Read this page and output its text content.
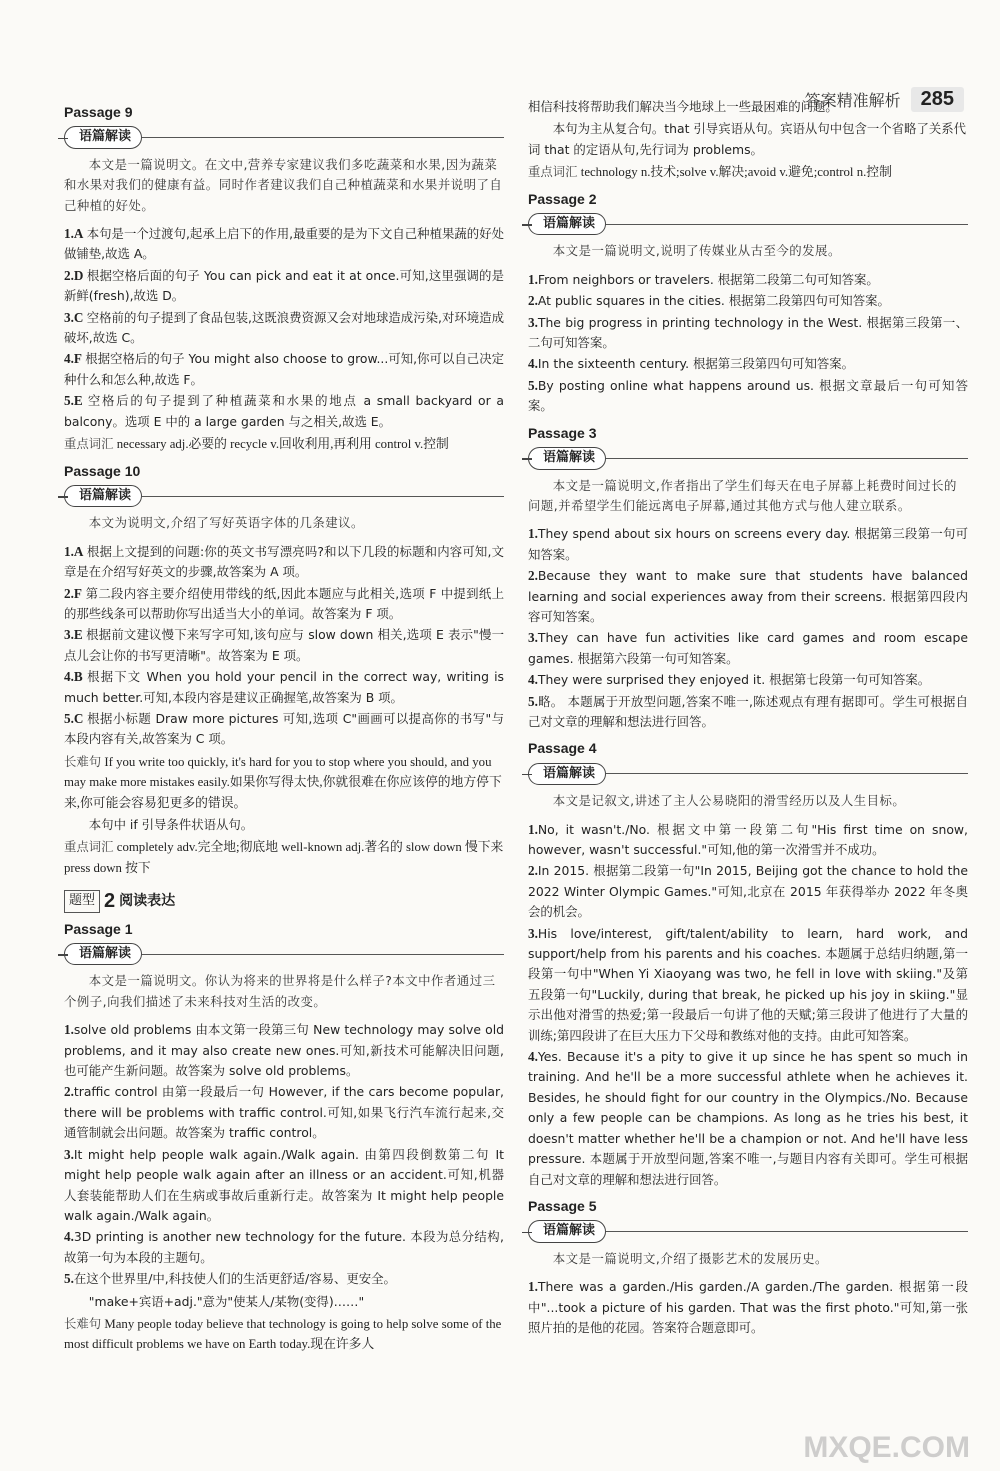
答案精准解析	285
Passage 9
语篇解读
本文是一篇说明文。在文中,营养专家建议我们多吃蔬菜和水果,因为蔬菜和水果对我们的健康有益。同时作者建议我们自己种植蔬菜和水果并说明了自己种植的好处。
1.A 本句是一个过渡句,起承上启下的作用,最重要的是为下文自己种植果蔬的好处做铺垫,故选 A。
2.D 根据空格后面的句子 You can pick and eat it at once.可知,这里强调的是新鲜(fresh),故选 D。
3.C 空格前的句子提到了食品包装,这既浪费资源又会对地球造成污染,对环境造成破坏,故选 C。
4.F 根据空格后的句子 You might also choose to grow...可知,你可以自己决定种什么和怎么种,故选 F。
5.E 空格后的句子提到了种植蔬菜和水果的地点 a small backyard or a balcony。选项 E 中的 a large garden 与之相关,故选 E。
重点词汇 necessary adj.必要的 recycle v.回收利用,再利用 control v.控制
Passage 10
语篇解读
本文为说明文,介绍了写好英语字体的几条建议。
1.A 根据上文提到的问题:你的英文书写漂亮吗?和以下几段的标题和内容可知,文章是在介绍写好英文的步骤,故答案为 A 项。
2.F 第二段内容主要介绍使用带线的纸,因此本题应与此相关,选项 F 中提到纸上的那些线条可以帮助你写出适当大小的单词。故答案为 F 项。
3.E 根据前文建议慢下来写字可知,该句应与 slow down 相关,选项 E 表示"慢一点儿会让你的书写更清晰"。故答案为 E 项。
4.B 根据下文 When you hold your pencil in the correct way, writing is much better.可知,本段内容是建议正确握笔,故答案为 B 项。
5.C 根据小标题 Draw more pictures 可知,选项 C"画画可以提高你的书写"与本段内容有关,故答案为 C 项。
长难句 If you write too quickly, it's hard for you to stop where you should, and you may make more mistakes easily.如果你写得太快,你就很难在你应该停的地方停下来,你可能会容易犯更多的错误。
本句中 if 引导条件状语从句。
重点词汇 completely adv.完全地;彻底地 well-known adj.著名的 slow down 慢下来 press down 按下
题型 2 阅读表达
Passage 1
语篇解读
本文是一篇说明文。你认为将来的世界将是什么样子?本文中作者通过三个例子,向我们描述了未来科技对生活的改变。
1.solve old problems 由本文第一段第三句 New technology may solve old problems, and it may also create new ones.可知,新技术可能解决旧问题,也可能产生新问题。故答案为 solve old problems。
2.traffic control 由第一段最后一句 However, if the cars become popular, there will be problems with traffic control.可知,如果飞行汽车流行起来,交通管制就会出问题。故答案为 traffic control。
3.It might help people walk again./Walk again. 由第四段倒数第二句 It might help people walk again after an illness or an accident.可知,机器人套装能帮助人们在生病或事故后重新行走。故答案为 It might help people walk again./Walk again。
4.3D printing is another new technology for the future. 本段为总分结构,故第一句为本段的主题句。
5.在这个世界里/中,科技使人们的生活更舒适/容易、更安全。
"make+宾语+adj."意为"使某人/某物(变得)……"
长难句 Many people today believe that technology is going to help solve some of the most difficult problems we have on Earth today.现在许多人
相信科技将帮助我们解决当今地球上一些最困难的问题。
本句为主从复合句。that 引导宾语从句。宾语从句中包含一个省略了关系代词 that 的定语从句,先行词为 problems。
重点词汇 technology n.技术;solve v.解决;avoid v.避免;control n.控制
Passage 2
语篇解读
本文是一篇说明文,说明了传媒业从古至今的发展。
1.From neighbors or travelers. 根据第二段第二句可知答案。
2.At public squares in the cities. 根据第二段第四句可知答案。
3.The big progress in printing technology in the West. 根据第三段第一、二句可知答案。
4.In the sixteenth century. 根据第三段第四句可知答案。
5.By posting online what happens around us. 根据文章最后一句可知答案。
Passage 3
语篇解读
本文是一篇说明文,作者指出了学生们每天在电子屏幕上耗费时间过长的问题,并希望学生们能远离电子屏幕,通过其他方式与他人建立联系。
1.They spend about six hours on screens every day. 根据第三段第一句可知答案。
2.Because they want to make sure that students have balanced learning and social experiences away from their screens. 根据第四段内容可知答案。
3.They can have fun activities like card games and room escape games. 根据第六段第一句可知答案。
4.They were surprised they enjoyed it. 根据第七段第一句可知答案。
5.略。 本题属于开放型问题,答案不唯一,陈述观点有理有据即可。学生可根据自己对文章的理解和想法进行回答。
Passage 4
语篇解读
本文是记叙文,讲述了主人公易晓阳的滑雪经历以及人生目标。
1.No, it wasn't./No. 根据文中第一段第二句"His first time on snow, however, wasn't successful."可知,他的第一次滑雪并不成功。
2.In 2015. 根据第二段第一句"In 2015, Beijing got the chance to hold the 2022 Winter Olympic Games."可知,北京在 2015 年获得举办 2022 年冬奥会的机会。
3.His love/interest, gift/talent/ability to learn, hard work, and support/help from his parents and his coaches. 本题属于总结归纳题,第一段第一句中"When Yi Xiaoyang was two, he fell in love with skiing."及第五段第一句"Luckily, during that break, he picked up his joy in skiing."显示出他对滑雪的热爱;第一段最后一句讲了他的天赋;第三段讲了他进行了大量的训练;第四段讲了在巨大压力下父母和教练对他的支持。由此可知答案。
4.Yes. Because it's a pity to give it up since he has spent so much in training. And he'll be a more successful athlete when he achieves it. Besides, he should fight for our country in the Olympics./No. Because only a few people can be champions. As long as he tries his best, it doesn't matter whether he'll be a champion or not. And he'll have less pressure. 本题属于开放型问题,答案不唯一,与题目内容有关即可。学生可根据自己对文章的理解和想法进行回答。
Passage 5
语篇解读
本文是一篇说明文,介绍了摄影艺术的发展历史。
1.There was a garden./His garden./A garden./The garden. 根据第一段中"...took a picture of his garden. That was the first photo."可知,第一张照片拍的是他的花园。答案符合题意即可。
MXQE.COM
